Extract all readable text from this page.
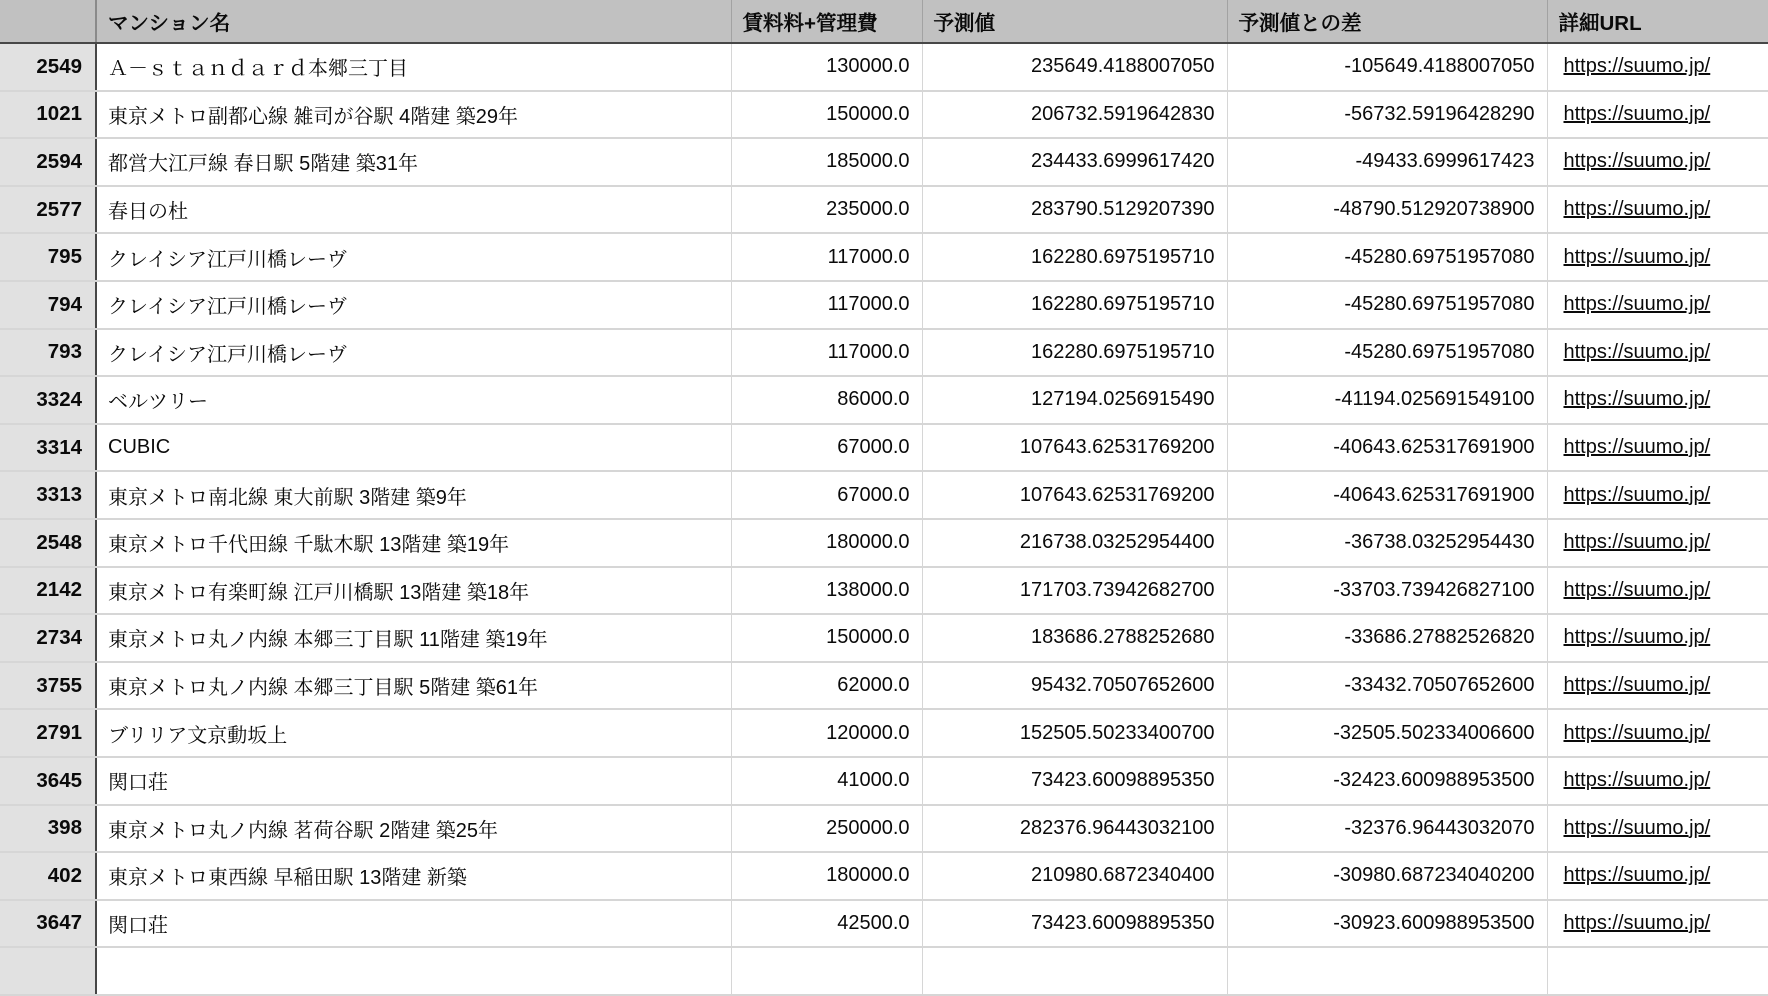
	マンション名	賃料料+管理費	予測値	予測値との差	詳細URL
2549	Ａ－ｓｔａｎｄａｒｄ本郷三丁目	130000.0	235649.4188007050	-105649.4188007050	https://suumo.jp/
1021	東京メトロ副都心線 雑司が谷駅 4階建 築29年	150000.0	206732.5919642830	-56732.59196428290	https://suumo.jp/
2594	都営大江戸線 春日駅 5階建 築31年	185000.0	234433.6999617420	-49433.6999617423	https://suumo.jp/
2577	春日の杜	235000.0	283790.5129207390	-48790.512920738900	https://suumo.jp/
795	クレイシア江戸川橋レーヴ	117000.0	162280.6975195710	-45280.69751957080	https://suumo.jp/
794	クレイシア江戸川橋レーヴ	117000.0	162280.6975195710	-45280.69751957080	https://suumo.jp/
793	クレイシア江戸川橋レーヴ	117000.0	162280.6975195710	-45280.69751957080	https://suumo.jp/
3324	ベルツリー	86000.0	127194.0256915490	-41194.025691549100	https://suumo.jp/
3314	CUBIC	67000.0	107643.62531769200	-40643.625317691900	https://suumo.jp/
3313	東京メトロ南北線 東大前駅 3階建 築9年	67000.0	107643.62531769200	-40643.625317691900	https://suumo.jp/
2548	東京メトロ千代田線 千駄木駅 13階建 築19年	180000.0	216738.03252954400	-36738.03252954430	https://suumo.jp/
2142	東京メトロ有楽町線 江戸川橋駅 13階建 築18年	138000.0	171703.73942682700	-33703.739426827100	https://suumo.jp/
2734	東京メトロ丸ノ内線 本郷三丁目駅 11階建 築19年	150000.0	183686.2788252680	-33686.27882526820	https://suumo.jp/
3755	東京メトロ丸ノ内線 本郷三丁目駅 5階建 築61年	62000.0	95432.70507652600	-33432.70507652600	https://suumo.jp/
2791	ブリリア文京動坂上	120000.0	152505.50233400700	-32505.502334006600	https://suumo.jp/
3645	関口荘	41000.0	73423.60098895350	-32423.600988953500	https://suumo.jp/
398	東京メトロ丸ノ内線 茗荷谷駅 2階建 築25年	250000.0	282376.96443032100	-32376.96443032070	https://suumo.jp/
402	東京メトロ東西線 早稲田駅 13階建 新築	180000.0	210980.6872340400	-30980.687234040200	https://suumo.jp/
3647	関口荘	42500.0	73423.60098895350	-30923.600988953500	https://suumo.jp/
